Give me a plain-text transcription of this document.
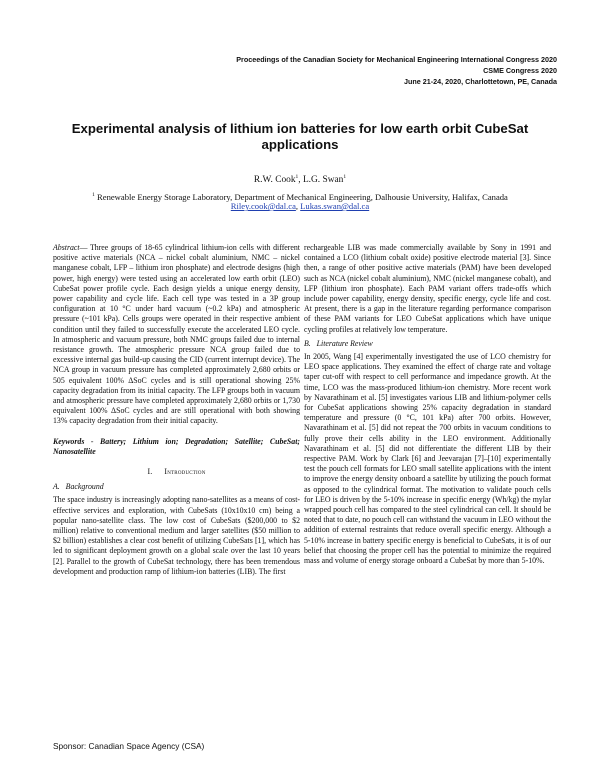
Proceedings of the Canadian Society for Mechanical Engineering International Congress 2020
CSME Congress 2020
June 21-24, 2020, Charlottetown, PE, Canada
Experimental analysis of lithium ion batteries for low earth orbit CubeSat applications
R.W. Cook$^1$, L.G. Swan$^1$
$^1$ Renewable Energy Storage Laboratory, Department of Mechanical Engineering, Dalhousie University, Halifax, Canada
Riley.cook@dal.ca, Lukas.swan@dal.ca

Abstract— Three groups of 18-65 cylindrical lithium-ion cells with different positive active materials (NCA – nickel cobalt aluminium, NMC – nickel manganese cobalt, LFP – lithium iron phosphate) and electrode designs (high power, high energy) were tested using an accelerated low earth orbit (LEO) CubeSat power profile cycle. Each design yields a unique energy density, power capability and cycle life. Each cell type was tested in a 3P group configuration at 10 °C under hard vacuum (~0.2 kPa) and atmospheric pressure (~101 kPa). Cells groups were operated in their respective ambient condition until they failed to successfully execute the accelerated LEO cycle. In atmospheric and vacuum pressure, both NMC groups failed due to internal resistance growth. The atmospheric pressure NCA group failed due to excessive internal gas build-up causing the CID (current interrupt device). The NCA group in vacuum pressure has completed approximately 2,680 orbits or 505 equivalent 100% ΔSoC cycles and is still operational showing 25% capacity degradation from its initial capacity. The LFP groups both in vacuum and atmospheric pressure have completed approximately 2,680 orbits or 1,730 equivalent 100% ΔSoC cycles and are still operational with both showing 13% capacity degradation from their initial capacity.

Keywords - Battery; Lithium ion; Degradation; Satellite; CubeSat; Nanosatellite

I. Introduction

A. Background

The space industry is increasingly adopting nano-satellites as a means of cost-effective services and exploration, with CubeSats (10x10x10 cm) being a popular nano-satellite class. The low cost of CubeSats ($200,000 to $2 million) relative to conventional medium and larger satellites ($50 million to $2 billion) establishes a clear cost benefit of utilizing CubeSats [1], which has led to significant deployment growth on a global scale over the last 10 years [2]. Parallel to the growth of CubeSat technology, there has been tremendous development and production ramp of lithium-ion batteries (LIB). The first

rechargeable LIB was made commercially available by Sony in 1991 and contained a LCO (lithium cobalt oxide) positive electrode material [3]. Since then, a range of other positive active materials (PAM) have been developed such as NCA (nickel cobalt aluminium), NMC (nickel manganese cobalt), and LFP (lithium iron phosphate). Each PAM variant offers trade-offs which include power capability, energy density, specific energy, cycle life and cost. At present, there is a gap in the literature regarding performance comparison of these PAM variants for LEO CubeSat applications which have unique cycling profiles at relatively low temperature.

B. Literature Review

In 2005, Wang [4] experimentally investigated the use of LCO chemistry for LEO space applications. They examined the effect of charge rate and voltage taper cut-off with respect to cell performance and impedance growth. At the time, LCO was the mass-produced lithium-ion chemistry. More recent work by Navarathinam et al. [5] investigates various LIB and lithium-polymer cells for CubeSat applications showing 25% capacity degradation in standard temperature and pressure (0 °C, 101 kPa) after 700 orbits. However, Navarathinam et al. [5] did not repeat the 700 orbits in vacuum conditions to fully prove their cells ability in the LEO environment. Additionally Navarathinam et al. [5] did not differentiate the different LIB by their respective PAM. Work by Clark [6] and Jeevarajan [7]–[10] experimentally test the pouch cell formats for LEO small satellite applications with the intent to improve the energy density onboard a satellite by utilizing the pouch format as opposed to the cylindrical format. The motivation to validate pouch cells for LEO is driven by the 5-10% increase in specific energy (Wh/kg) the mylar wrapped pouch cell has compared to the steel cylindrical can cell. It should be noted that to date, no pouch cell can withstand the vacuum in LEO without the addition of external restraints that reduce overall specific energy. Although a 5-10% increase in battery specific energy is beneficial to CubeSats, it is of our belief that choosing the proper cell has the potential to minimize the required mass and volume of energy storage onboard a CubeSat by more than 5-10%.

Sponsor: Canadian Space Agency (CSA)
